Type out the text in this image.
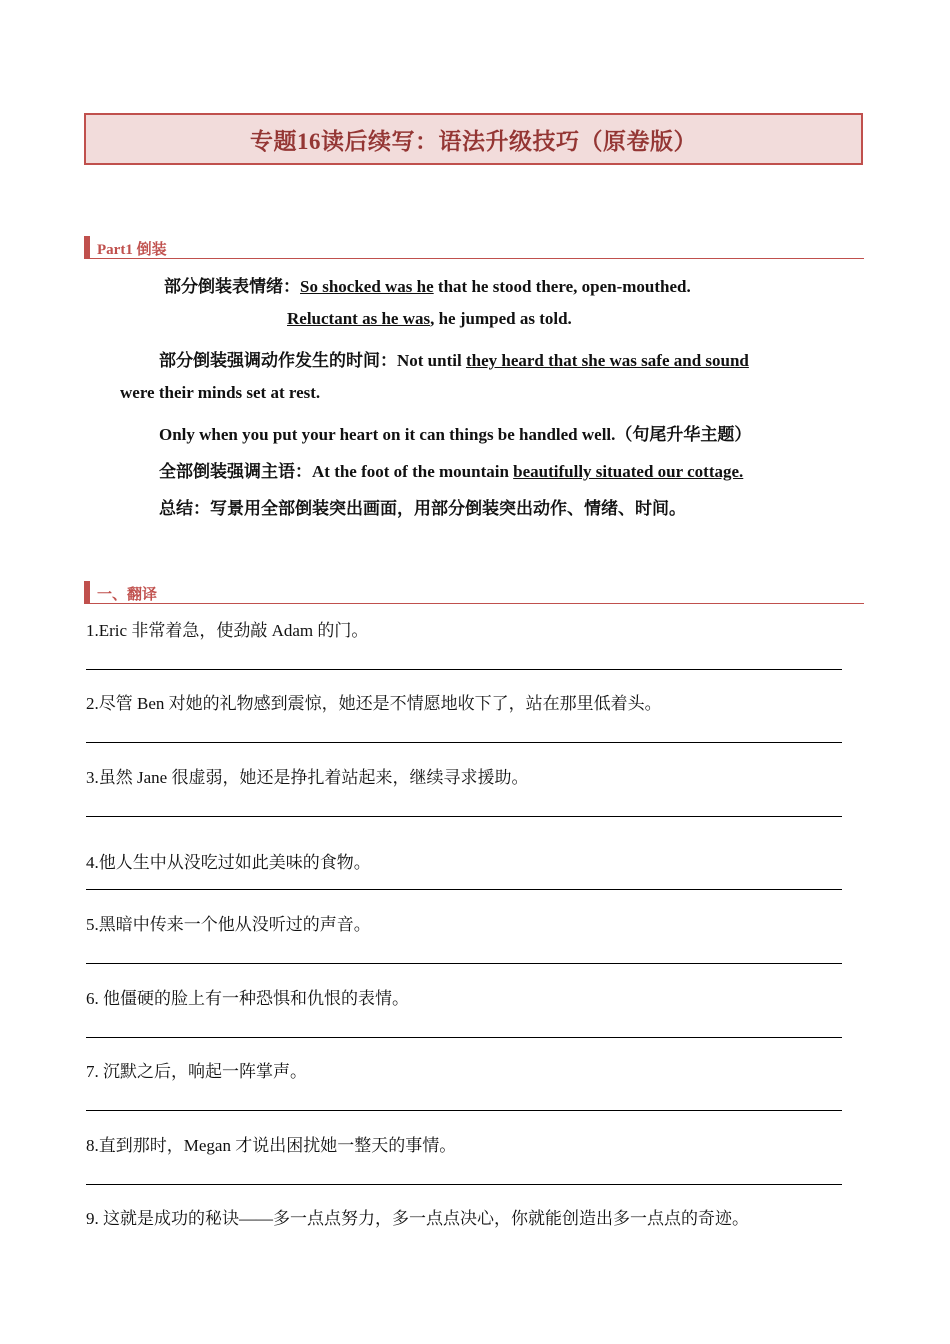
专题16读后续写：语法升级技巧（原卷版）
Part1 倒装
部分倒装表情绪：So shocked was he that he stood there, open-mouthed.
Reluctant as he was, he jumped as told.
部分倒装强调动作发生的时间：Not until they heard that she was safe and sound
were their minds set at rest.
Only when you put your heart on it can things be handled well.（句尾升华主题）
全部倒装强调主语：At the foot of the mountain beautifully situated our cottage.
总结：写景用全部倒装突出画面，用部分倒装突出动作、情绪、时间。
一、翻译
1.Eric 非常着急，使劲敲 Adam 的门。
2.尽管 Ben 对她的礼物感到震惊，她还是不情愿地收下了，站在那里低着头。
3.虽然 Jane 很虚弱，她还是挣扎着站起来，继续寻求援助。
4.他人生中从没吃过如此美味的食物。
5.黑暗中传来一个他从没听过的声音。
6. 他僵硬的脸上有一种恐惧和仇恨的表情。
7. 沉默之后，响起一阵掌声。
8.直到那时，Megan 才说出困扰她一整天的事情。
9. 这就是成功的秘诀——多一点点努力，多一点点决心，你就能创造出多一点点的奇迹。
